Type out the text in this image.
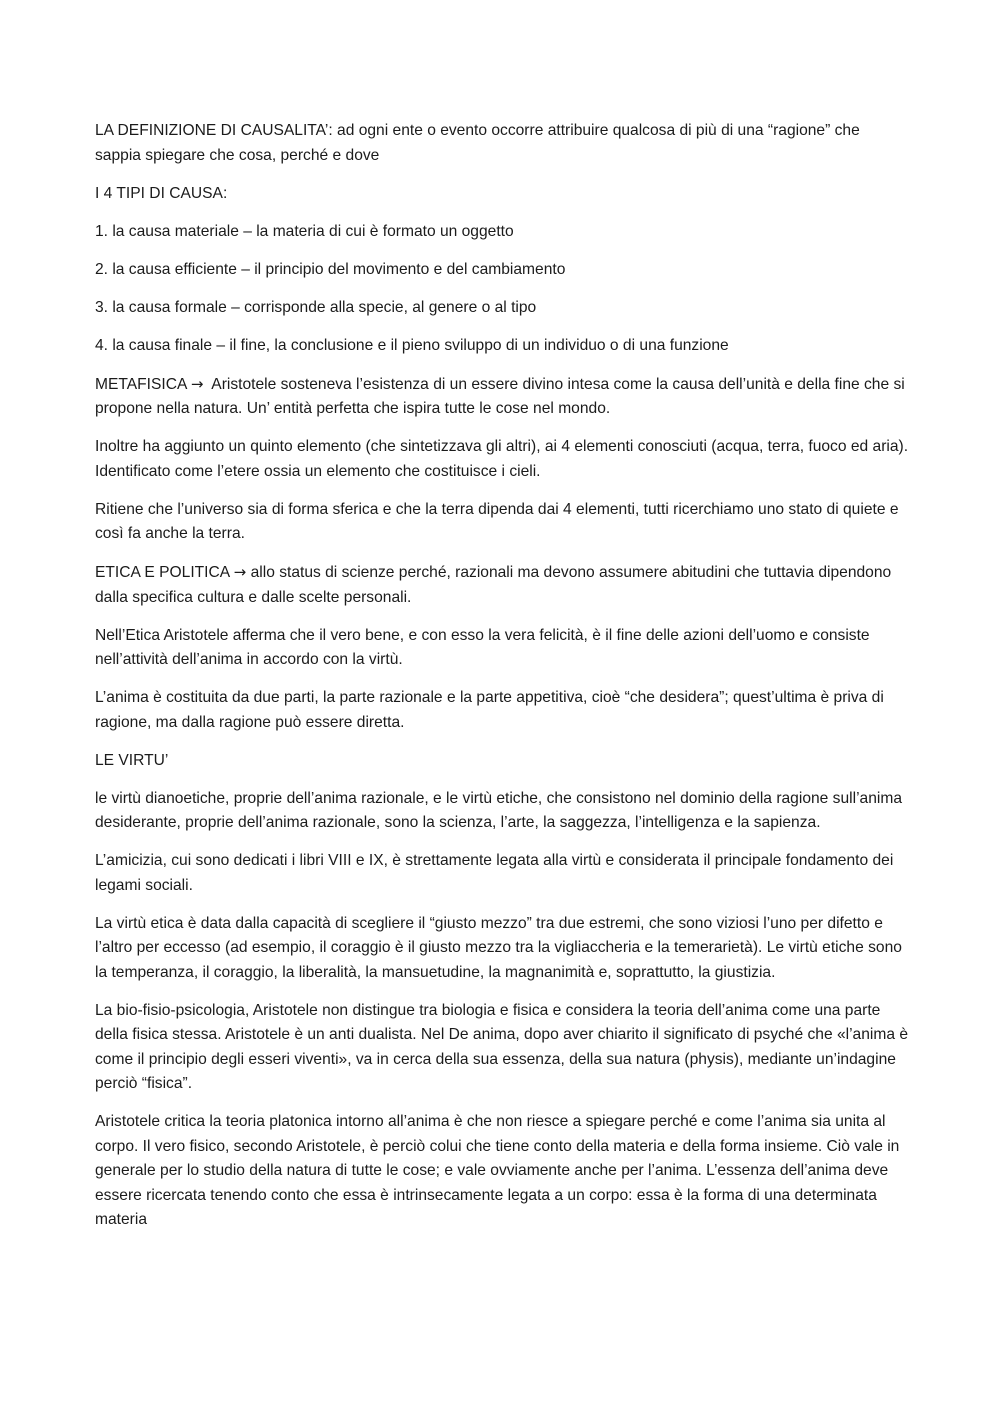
LA DEFINIZIONE DI CAUSALITA’: ad ogni ente o evento occorre attribuire qualcosa di più di una “ragione” che sappia spiegare che cosa, perché e dove

I 4 TIPI DI CAUSA:

1. la causa materiale – la materia di cui è formato un oggetto

2. la causa efficiente – il principio del movimento e del cambiamento

3. la causa formale – corrisponde alla specie, al genere o al tipo

4. la causa finale – il fine, la conclusione e il pieno sviluppo di un individuo o di una funzione

METAFISICA → Aristotele sosteneva l’esistenza di un essere divino intesa come la causa dell’unità e della fine che si propone nella natura. Un’ entità perfetta che ispira tutte le cose nel mondo.

Inoltre ha aggiunto un quinto elemento (che sintetizzava gli altri), ai 4 elementi conosciuti (acqua, terra, fuoco ed aria). Identificato come l’etere ossia un elemento che costituisce i cieli.

Ritiene che l’universo sia di forma sferica e che la terra dipenda dai 4 elementi, tutti ricerchiamo uno stato di quiete e così fa anche la terra.

ETICA E POLITICA → allo status di scienze perché, razionali ma devono assumere abitudini che tuttavia dipendono dalla specifica cultura e dalle scelte personali.

Nell’Etica Aristotele afferma che il vero bene, e con esso la vera felicità, è il fine delle azioni dell’uomo e consiste nell’attività dell’anima in accordo con la virtù.

L’anima è costituita da due parti, la parte razionale e la parte appetitiva, cioè “che desidera”; quest’ultima è priva di ragione, ma dalla ragione può essere diretta.

LE VIRTU’

le virtù dianoetiche, proprie dell’anima razionale, e le virtù etiche, che consistono nel dominio della ragione sull’anima desiderante, proprie dell’anima razionale, sono la scienza, l’arte, la saggezza, l’intelligenza e la sapienza.

L’amicizia, cui sono dedicati i libri VIII e IX, è strettamente legata alla virtù e considerata il principale fondamento dei legami sociali.

La virtù etica è data dalla capacità di scegliere il “giusto mezzo” tra due estremi, che sono viziosi l’uno per difetto e l’altro per eccesso (ad esempio, il coraggio è il giusto mezzo tra la vigliaccheria e la temerarietà). Le virtù etiche sono la temperanza, il coraggio, la liberalità, la mansuetudine, la magnanimità e, soprattutto, la giustizia.

La bio-fisio-psicologia, Aristotele non distingue tra biologia e fisica e considera la teoria dell’anima come una parte della fisica stessa. Aristotele è un anti dualista. Nel De anima, dopo aver chiarito il significato di psyché che «l’anima è come il principio degli esseri viventi», va in cerca della sua essenza, della sua natura (physis), mediante un’indagine perciò “fisica”.

Aristotele critica la teoria platonica intorno all’anima è che non riesce a spiegare perché e come l’anima sia unita al corpo. Il vero fisico, secondo Aristotele, è perciò colui che tiene conto della materia e della forma insieme. Ciò vale in generale per lo studio della natura di tutte le cose; e vale ovviamente anche per l’anima. L’essenza dell’anima deve essere ricercata tenendo conto che essa è intrinsecamente legata a un corpo: essa è la forma di una determinata materia
